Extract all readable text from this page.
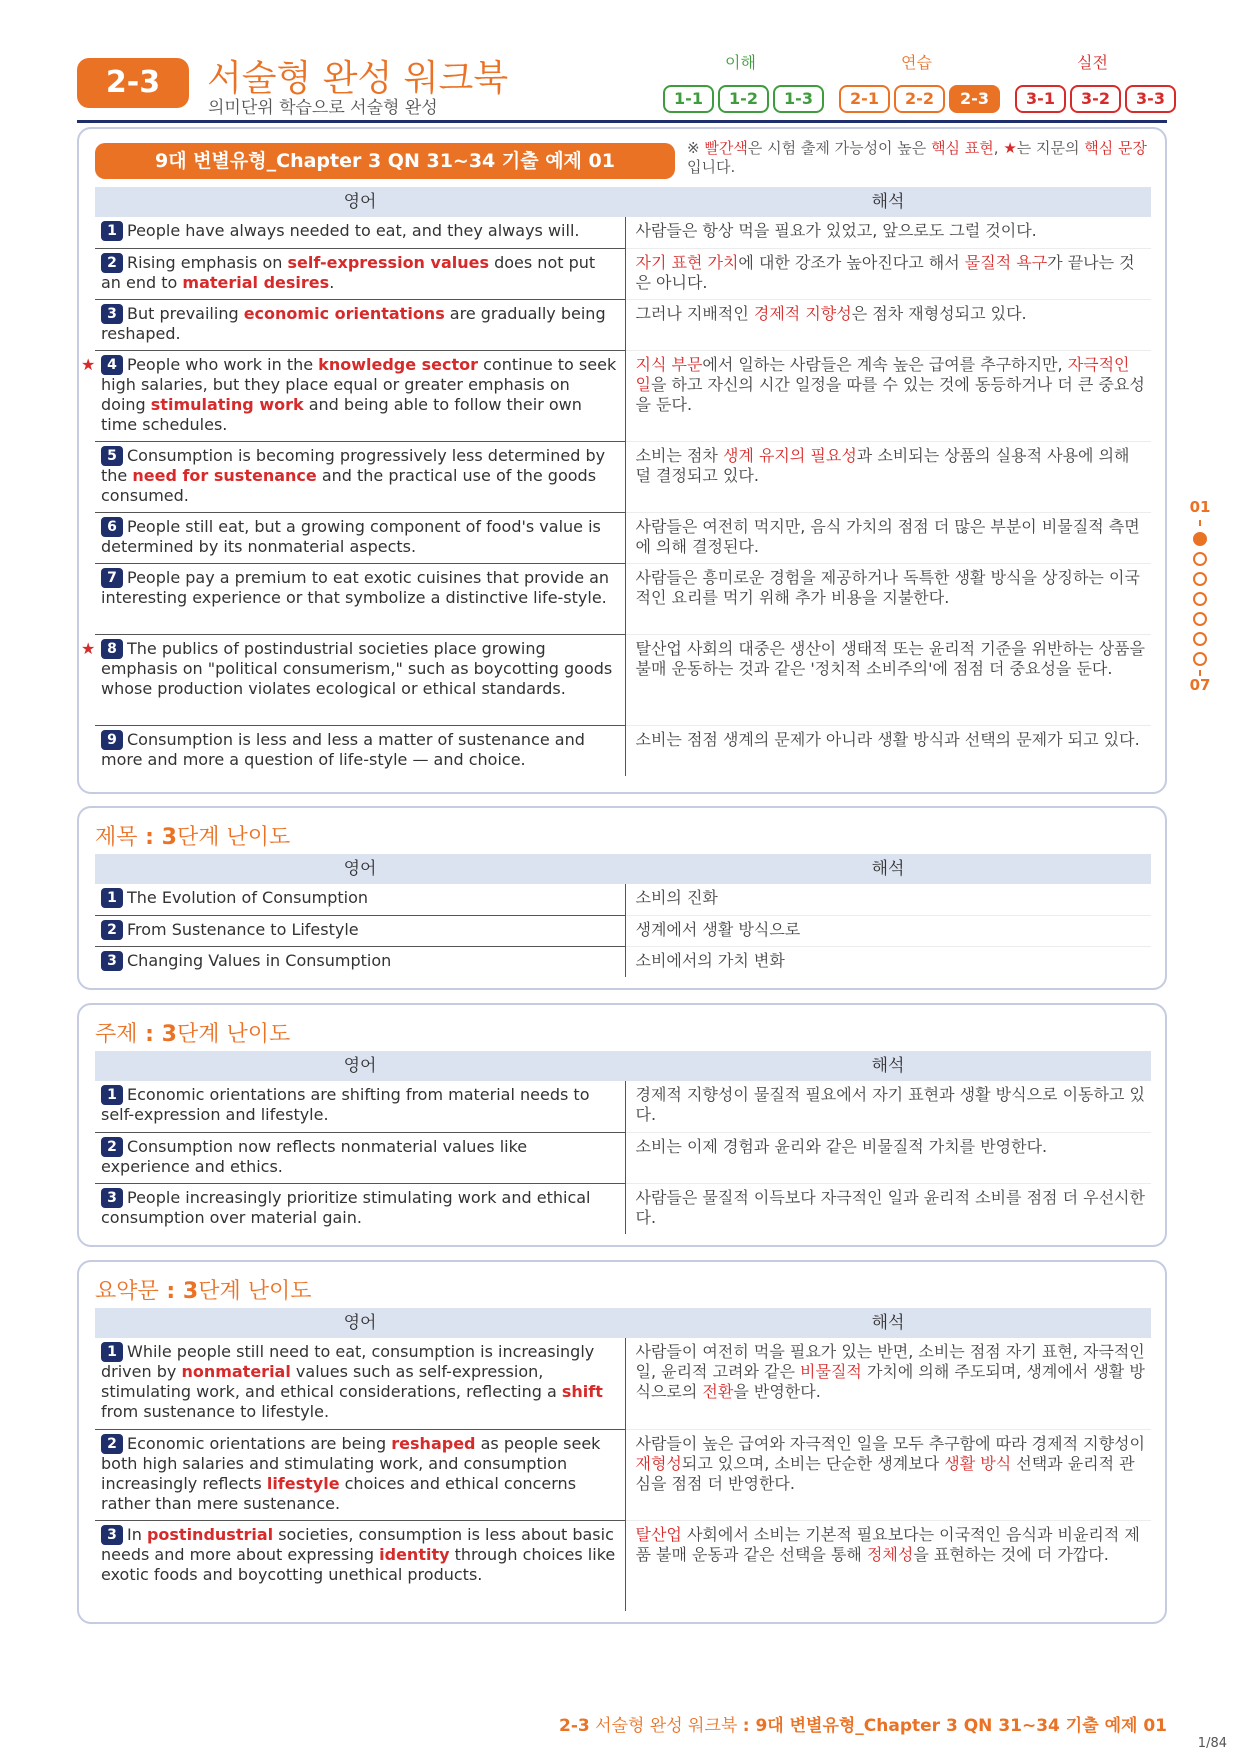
2-3	서술형 완성 워크북
의미단위 학습으로 서술형 완성
이해	연습	실전
1-1	1-2	1-3	2-1	2-2	2-3	3-1	3-2	3-3
9대 변별유형_Chapter 3 QN 31~34 기출 예제 01
※ 빨간색은 시험 출제 가능성이 높은 핵심 표현, ★는 지문의 핵심 문장입니다.
영어	해석
1 People have always needed to eat, and they always will.	사람들은 항상 먹을 필요가 있었고, 앞으로도 그럴 것이다.
2 Rising emphasis on self-expression values does not put an end to material desires.	자기 표현 가치에 대한 강조가 높아진다고 해서 물질적 욕구가 끝나는 것은 아니다.
3 But prevailing economic orientations are gradually being reshaped.	그러나 지배적인 경제적 지향성은 점차 재형성되고 있다.

★ 4 People who work in the knowledge sector continue to seek high salaries, but they place equal or greater emphasis on doing stimulating work and being able to follow their own time schedules.	지식 부문에서 일하는 사람들은 계속 높은 급여를 추구하지만, 자극적인 일을 하고 자신의 시간 일정을 따를 수 있는 것에 동등하거나 더 큰 중요성을 둔다.
5 Consumption is becoming progressively less determined by the need for sustenance and the practical use of the goods consumed.	소비는 점차 생계 유지의 필요성과 소비되는 상품의 실용적 사용에 의해 덜 결정되고 있다.
6 People still eat, but a growing component of food's value is determined by its nonmaterial aspects.	사람들은 여전히 먹지만, 음식 가치의 점점 더 많은 부분이 비물질적 측면에 의해 결정된다.
7 People pay a premium to eat exotic cuisines that provide an interesting experience or that symbolize a distinctive life-style.	사람들은 흥미로운 경험을 제공하거나 독특한 생활 방식을 상징하는 이국적인 요리를 먹기 위해 추가 비용을 지불한다.

★ 8 The publics of postindustrial societies place growing emphasis on "political consumerism," such as boycotting goods whose production violates ecological or ethical standards.	탈산업 사회의 대중은 생산이 생태적 또는 윤리적 기준을 위반하는 상품을 불매 운동하는 것과 같은 '정치적 소비주의'에 점점 더 중요성을 둔다.
9 Consumption is less and less a matter of sustenance and more and more a question of life-style — and choice.	소비는 점점 생계의 문제가 아니라 생활 방식과 선택의 문제가 되고 있다.
제목 : 3단계 난이도
영어	해석
1 The Evolution of Consumption	소비의 진화
2 From Sustenance to Lifestyle	생계에서 생활 방식으로
3 Changing Values in Consumption	소비에서의 가치 변화
주제 : 3단계 난이도
영어	해석
1 Economic orientations are shifting from material needs to self-expression and lifestyle.	경제적 지향성이 물질적 필요에서 자기 표현과 생활 방식으로 이동하고 있다.
2 Consumption now reflects nonmaterial values like experience and ethics.	소비는 이제 경험과 윤리와 같은 비물질적 가치를 반영한다.
3 People increasingly prioritize stimulating work and ethical consumption over material gain.	사람들은 물질적 이득보다 자극적인 일과 윤리적 소비를 점점 더 우선시한다.
요약문 : 3단계 난이도
영어	해석
1 While people still need to eat, consumption is increasingly driven by nonmaterial values such as self-expression, stimulating work, and ethical considerations, reflecting a shift from sustenance to lifestyle.	사람들이 여전히 먹을 필요가 있는 반면, 소비는 점점 자기 표현, 자극적인 일, 윤리적 고려와 같은 비물질적 가치에 의해 주도되며, 생계에서 생활 방식으로의 전환을 반영한다.
2 Economic orientations are being reshaped as people seek both high salaries and stimulating work, and consumption increasingly reflects lifestyle choices and ethical concerns rather than mere sustenance.	사람들이 높은 급여와 자극적인 일을 모두 추구함에 따라 경제적 지향성이 재형성되고 있으며, 소비는 단순한 생계보다 생활 방식 선택과 윤리적 관심을 점점 더 반영한다.
3 In postindustrial societies, consumption is less about basic needs and more about expressing identity through choices like exotic foods and boycotting unethical products.	탈산업 사회에서 소비는 기본적 필요보다는 이국적인 음식과 비윤리적 제품 불매 운동과 같은 선택을 통해 정체성을 표현하는 것에 더 가깝다.
01
07
2-3 서술형 완성 워크북 : 9대 변별유형_Chapter 3 QN 31~34 기출 예제 01
1/84
